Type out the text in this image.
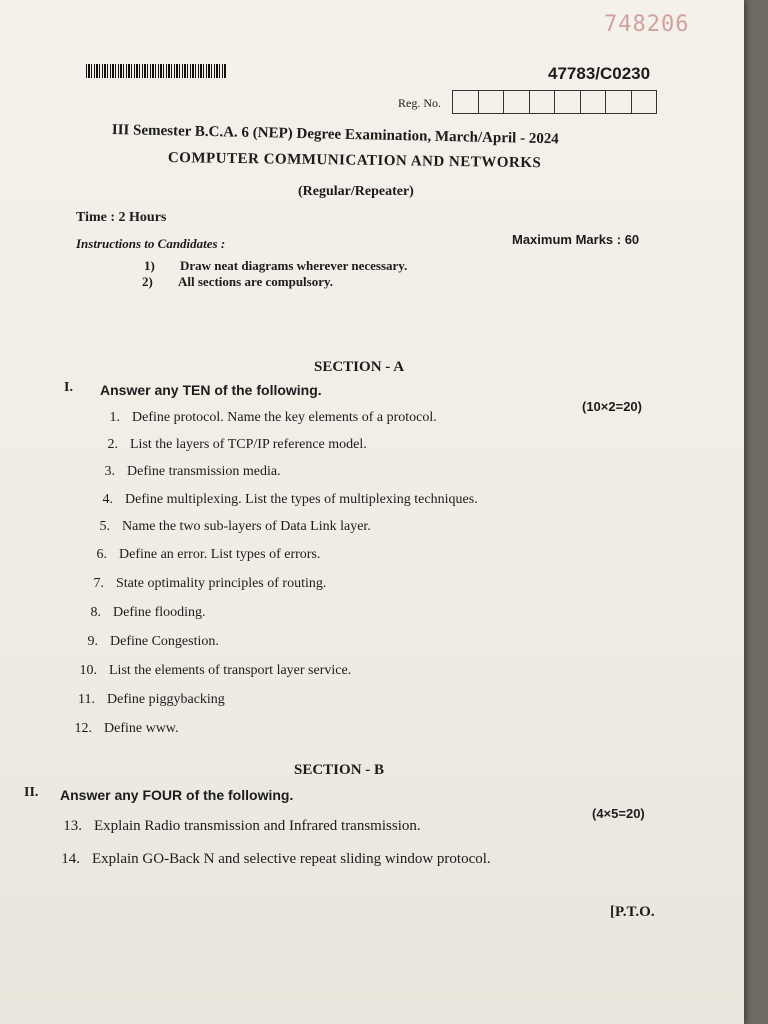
748206
47783/C0230
Reg. No.
III Semester B.C.A. 6 (NEP) Degree Examination, March/April - 2024
COMPUTER COMMUNICATION AND NETWORKS
(Regular/Repeater)
Time : 2 Hours
Maximum Marks : 60
Instructions to Candidates :
1) Draw neat diagrams wherever necessary.
2) All sections are compulsory.
SECTION - A
I. Answer any TEN of the following.
(10×2=20)
1. Define protocol. Name the key elements of a protocol.
2. List the layers of TCP/IP reference model.
3. Define transmission media.
4. Define multiplexing. List the types of multiplexing techniques.
5. Name the two sub-layers of Data Link layer.
6. Define an error. List types of errors.
7. State optimality principles of routing.
8. Define flooding.
9. Define Congestion.
10. List the elements of transport layer service.
11. Define piggybacking
12. Define www.
SECTION - B
II. Answer any FOUR of the following.
(4×5=20)
13. Explain Radio transmission and Infrared transmission.
14. Explain GO-Back N and selective repeat sliding window protocol.
[P.T.O.
